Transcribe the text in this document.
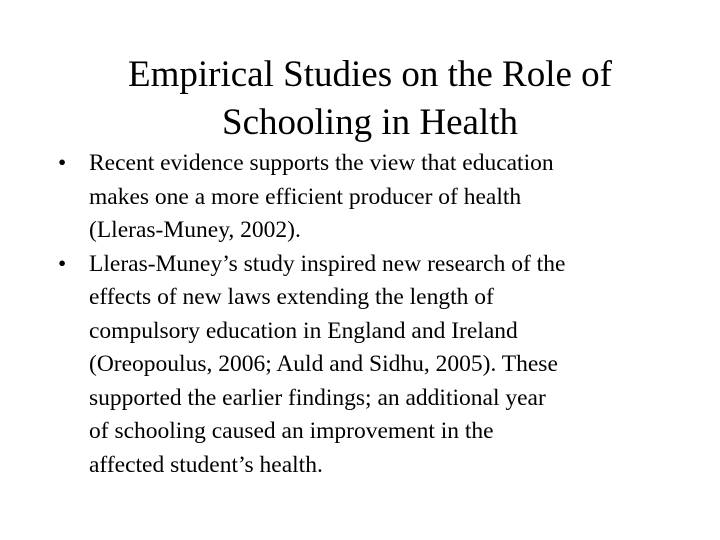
Empirical Studies on the Role of
Schooling in Health
• Recent evidence supports the view that education
makes one a more efficient producer of health
(Lleras-Muney, 2002).
• Lleras-Muney’s study inspired new research of the
effects of new laws extending the length of
compulsory education in England and Ireland
(Oreopoulus, 2006; Auld and Sidhu, 2005). These
supported the earlier findings; an additional year
of schooling caused an improvement in the
affected student’s health.
